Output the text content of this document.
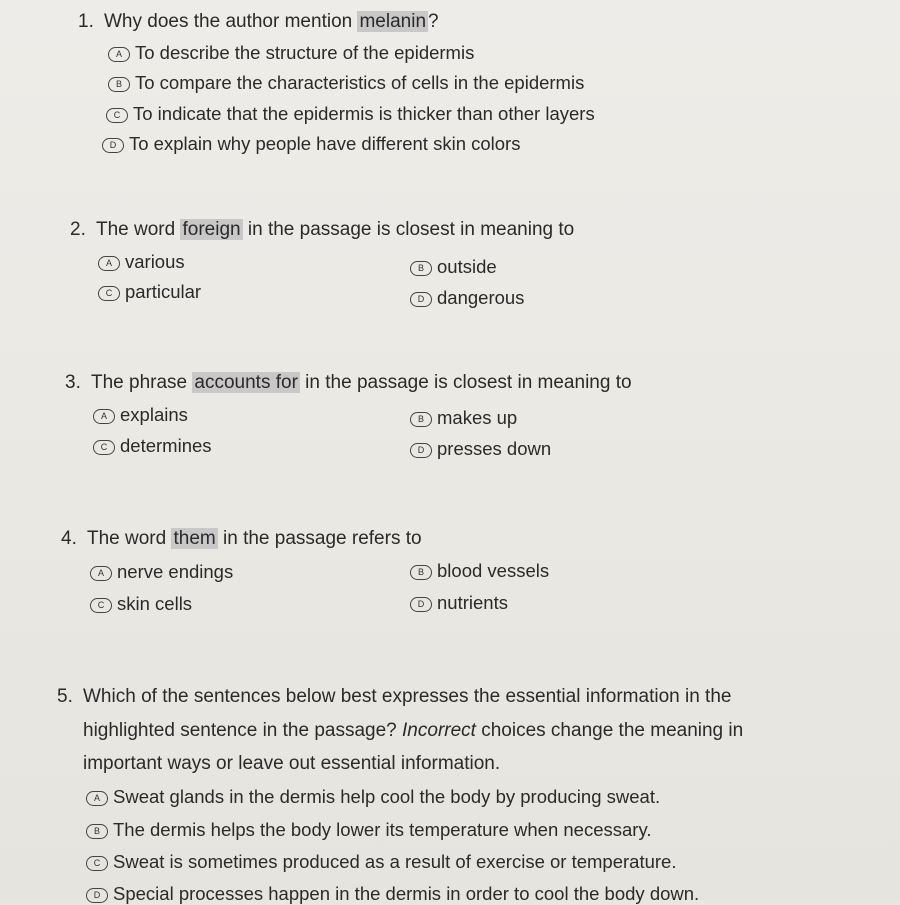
1. Why does the author mention melanin ?
A To describe the structure of the epidermis
B To compare the characteristics of cells in the epidermis
C To indicate that the epidermis is thicker than other layers
D To explain why people have different skin colors
2. The word foreign in the passage is closest in meaning to
A various	B outside
C particular	D dangerous
3. The phrase accounts for in the passage is closest in meaning to
A explains	B makes up
C determines	D presses down
4. The word them in the passage refers to
A nerve endings	B blood vessels
C skin cells	D nutrients
5. Which of the sentences below best expresses the essential information in the
highlighted sentence in the passage? Incorrect choices change the meaning in
important ways or leave out essential information.
A Sweat glands in the dermis help cool the body by producing sweat.
B The dermis helps the body lower its temperature when necessary.
C Sweat is sometimes produced as a result of exercise or temperature.
D Special processes happen in the dermis in order to cool the body down.
